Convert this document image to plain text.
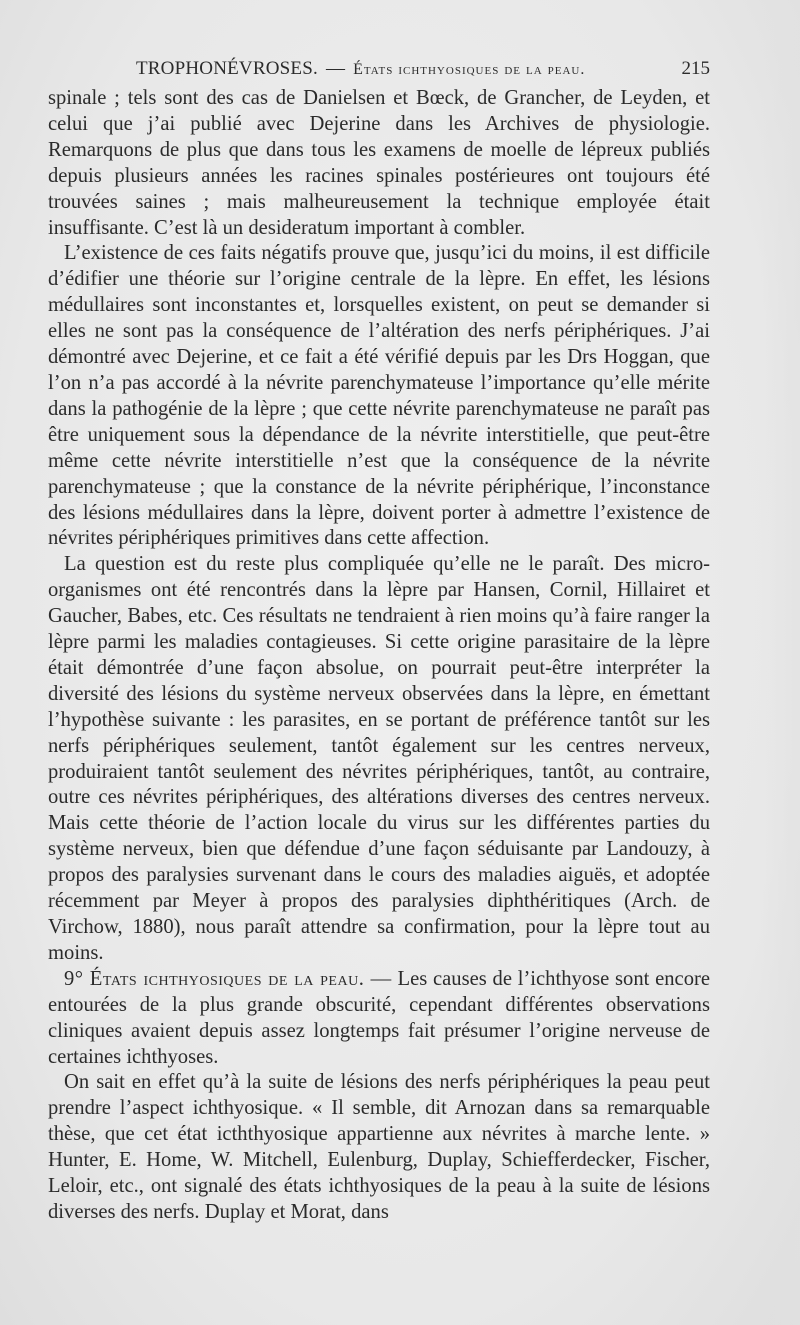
TROPHONÉVROSES. — États ichthyosiques de la peau.	215

spinale ; tels sont des cas de Danielsen et Bœck, de Grancher, de Leyden, et celui que j’ai publié avec Dejerine dans les Archives de physiologie. Remarquons de plus que dans tous les examens de moelle de lépreux publiés depuis plusieurs années les racines spinales postérieures ont toujours été trouvées saines ; mais malheureusement la technique employée était insuffisante. C’est là un desideratum important à combler.

L’existence de ces faits négatifs prouve que, jusqu’ici du moins, il est difficile d’édifier une théorie sur l’origine centrale de la lèpre. En effet, les lésions médullaires sont inconstantes et, lorsquelles existent, on peut se demander si elles ne sont pas la conséquence de l’altération des nerfs périphériques. J’ai démontré avec Dejerine, et ce fait a été vérifié depuis par les Drs Hoggan, que l’on n’a pas accordé à la névrite parenchymateuse l’importance qu’elle mérite dans la pathogénie de la lèpre ; que cette névrite parenchymateuse ne paraît pas être uniquement sous la dépendance de la névrite interstitielle, que peut-être même cette névrite interstitielle n’est que la conséquence de la névrite parenchymateuse ; que la constance de la névrite périphérique, l’inconstance des lésions médullaires dans la lèpre, doivent porter à admettre l’existence de névrites périphériques primitives dans cette affection.

La question est du reste plus compliquée qu’elle ne le paraît. Des micro-organismes ont été rencontrés dans la lèpre par Hansen, Cornil, Hillairet et Gaucher, Babes, etc. Ces résultats ne tendraient à rien moins qu’à faire ranger la lèpre parmi les maladies contagieuses. Si cette origine parasitaire de la lèpre était démontrée d’une façon absolue, on pourrait peut-être interpréter la diversité des lésions du système nerveux observées dans la lèpre, en émettant l’hypothèse suivante : les parasites, en se portant de préférence tantôt sur les nerfs périphériques seulement, tantôt également sur les centres nerveux, produiraient tantôt seulement des névrites périphériques, tantôt, au contraire, outre ces névrites périphériques, des altérations diverses des centres nerveux. Mais cette théorie de l’action locale du virus sur les différentes parties du système nerveux, bien que défendue d’une façon séduisante par Landouzy, à propos des paralysies survenant dans le cours des maladies aiguës, et adoptée récemment par Meyer à propos des paralysies diphthéritiques (Arch. de Virchow, 1880), nous paraît attendre sa confirmation, pour la lèpre tout au moins.

9° États ichthyosiques de la peau. — Les causes de l’ichthyose sont encore entourées de la plus grande obscurité, cependant différentes observations cliniques avaient depuis assez longtemps fait présumer l’origine nerveuse de certaines ichthyoses.

On sait en effet qu’à la suite de lésions des nerfs périphériques la peau peut prendre l’aspect ichthyosique. « Il semble, dit Arnozan dans sa remarquable thèse, que cet état icththyosique appartienne aux névrites à marche lente. » Hunter, E. Home, W. Mitchell, Eulenburg, Duplay, Schiefferdecker, Fischer, Leloir, etc., ont signalé des états ichthyosiques de la peau à la suite de lésions diverses des nerfs. Duplay et Morat, dans
